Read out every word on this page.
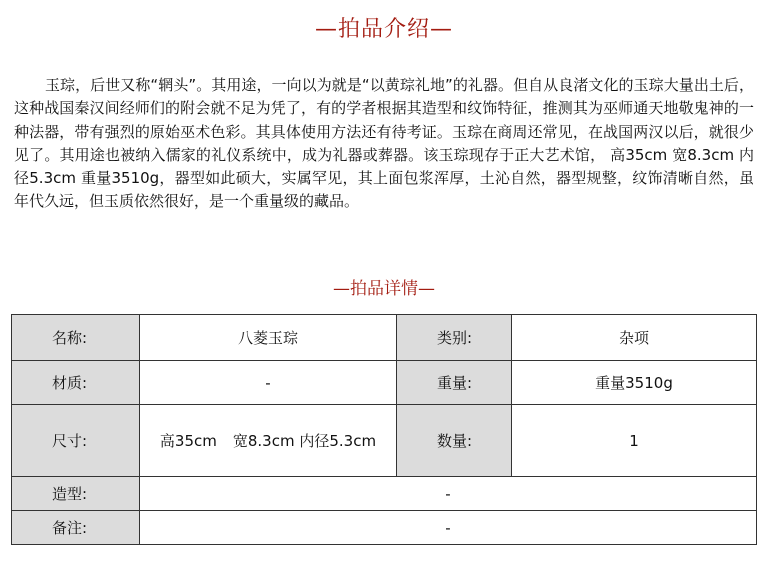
—拍品介绍—

玉琮，后世又称“辋头”。其用途，一向以为就是“以黄琮礼地”的礼器。但自从良渚文化的玉琮大量出土后，这种战国秦汉间经师们的附会就不足为凭了，有的学者根据其造型和纹饰特征，推测其为巫师通天地敬鬼神的一种法器，带有强烈的原始巫术色彩。其具体使用方法还有待考证。玉琮在商周还常见，在战国两汉以后，就很少见了。其用途也被纳入儒家的礼仪系统中，成为礼器或葬器。该玉琮现存于正大艺术馆， 高35cm 宽8.3cm 内径5.3cm 重量3510g，器型如此硕大，实属罕见，其上面包浆浑厚，土沁自然，器型规整，纹饰清晰自然，虽年代久远，但玉质依然很好，是一个重量级的藏品。

—拍品详情—
名称:	八菱玉琮	类别:	杂项
材质:	-	重量:	重量3510g
尺寸:	高35cm 宽8.3cm 内径5.3cm	数量:	1
造型:	-		
备注:	-		
